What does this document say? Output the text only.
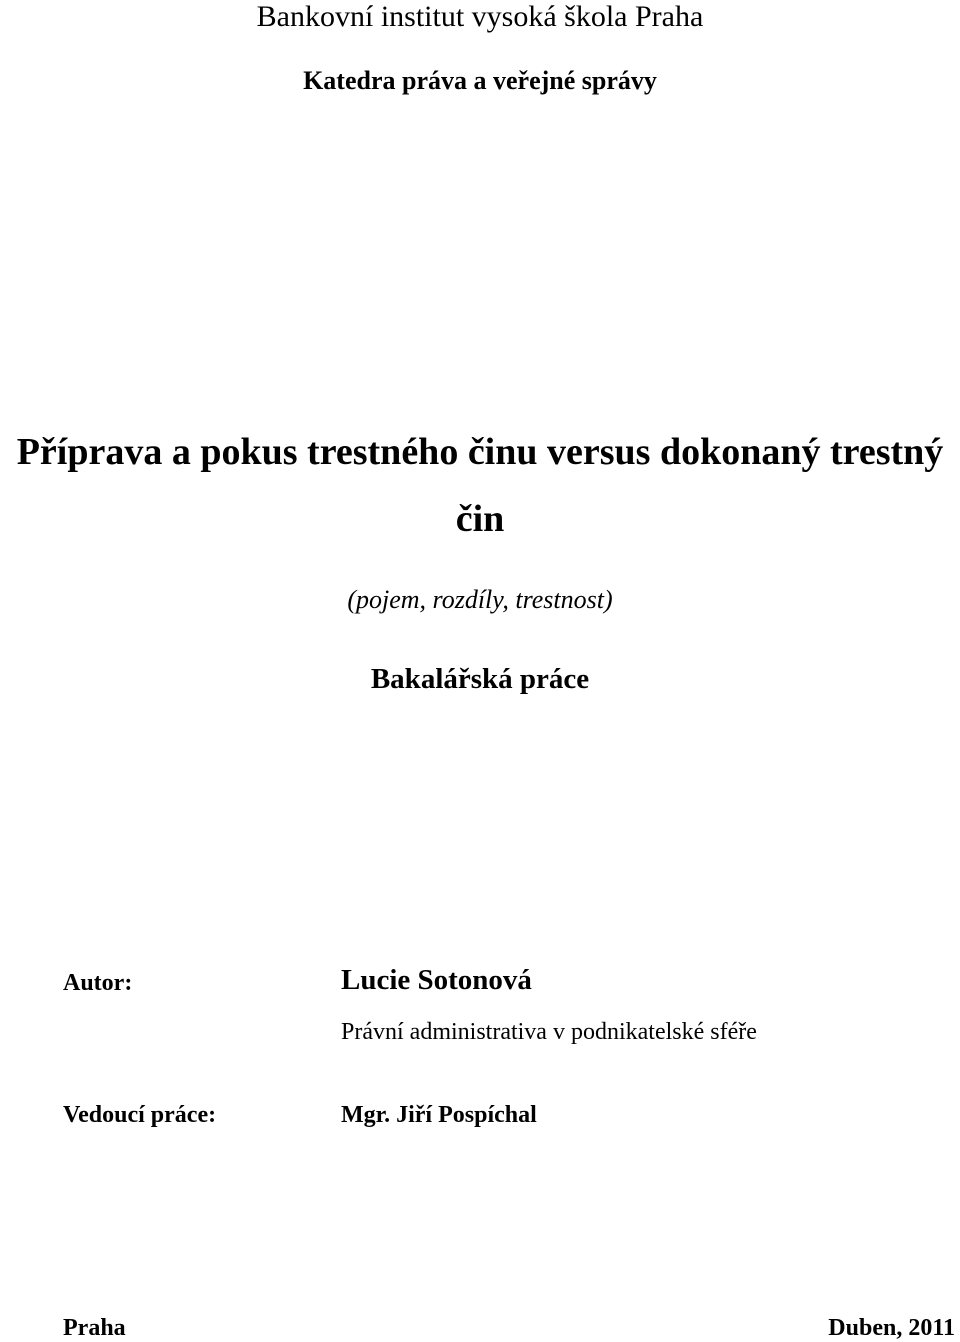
Bankovní institut vysoká škola Praha
Katedra práva a veřejné správy
Příprava a pokus trestného činu versus dokonaný trestný
čin
(pojem, rozdíly, trestnost)
Bakalářská práce
Autor:	Lucie Sotonová
Právní administrativa v podnikatelské sféře
Vedoucí práce:	Mgr. Jiří Pospíchal
Praha	Duben, 2011
